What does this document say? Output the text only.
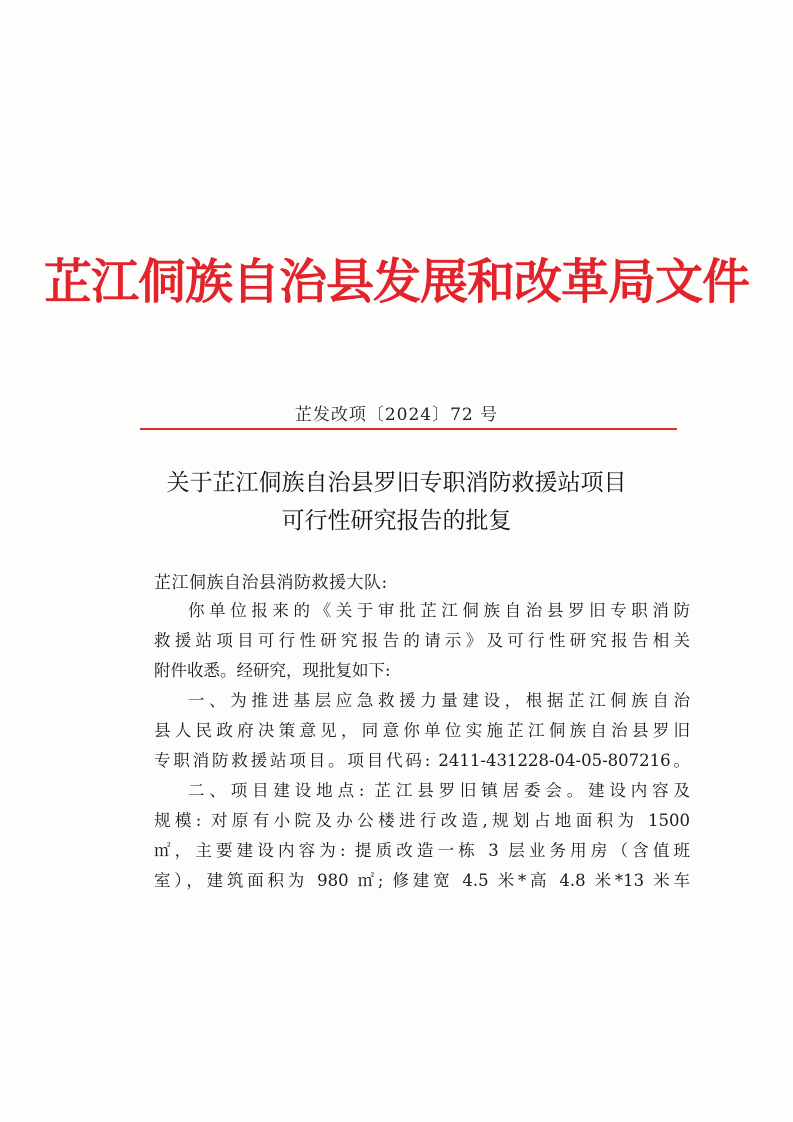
芷江侗族自治县发展和改革局文件
芷发改项〔2024〕72 号
关于芷江侗族自治县罗旧专职消防救援站项目
可行性研究报告的批复
芷江侗族自治县消防救援大队:
你单位报来的《关于审批芷江侗族自治县罗旧专职消防
救援站项目可行性研究报告的请示》及可行性研究报告相关
附件收悉。经研究，现批复如下:
一、为推进基层应急救援力量建设，根据芷江侗族自治
县人民政府决策意见，同意你单位实施芷江侗族自治县罗旧
专职消防救援站项目。项目代码: 2411-431228-04-05-807216。
二、项目建设地点: 芷江县罗旧镇居委会。建设内容及
规模: 对原有小院及办公楼进行改造,规划占地面积为 1500
㎡，主要建设内容为: 提质改造一栋 3 层业务用房（含值班
室），建筑面积为 980 ㎡; 修建宽 4.5 米*高 4.8 米*13 米车
